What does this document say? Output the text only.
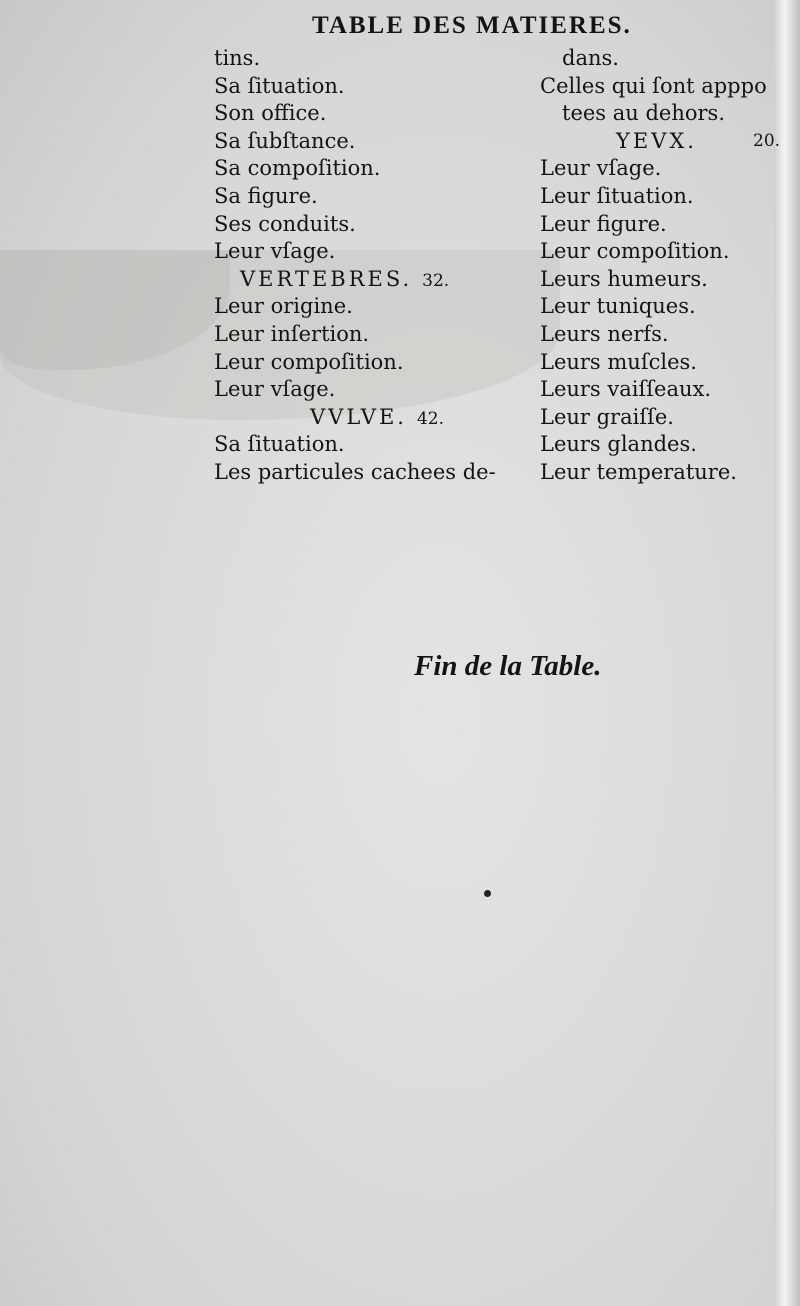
TABLE DES MATIERES.
tins.
Sa ſituation.
Son office.
Sa ſubſtance.
Sa compoſition.
Sa figure.
Ses conduits.
Leur vſage.
VERTEBRES. 32.
Leur origine.
Leur inſertion.
Leur compoſition.
Leur vſage.
VVLVE. 42.
Sa ſituation.
Les particules cachees de-
dans.
Celles qui ſont apppo
tees au dehors.
YEVX.	20.
Leur vſage.
Leur ſituation.
Leur figure.
Leur compoſition.
Leurs humeurs.
Leur tuniques.
Leurs nerfs.
Leurs muſcles.
Leurs vaiſſeaux.
Leur graiſſe.
Leurs glandes.
Leur temperature.
Fin de la Table.
